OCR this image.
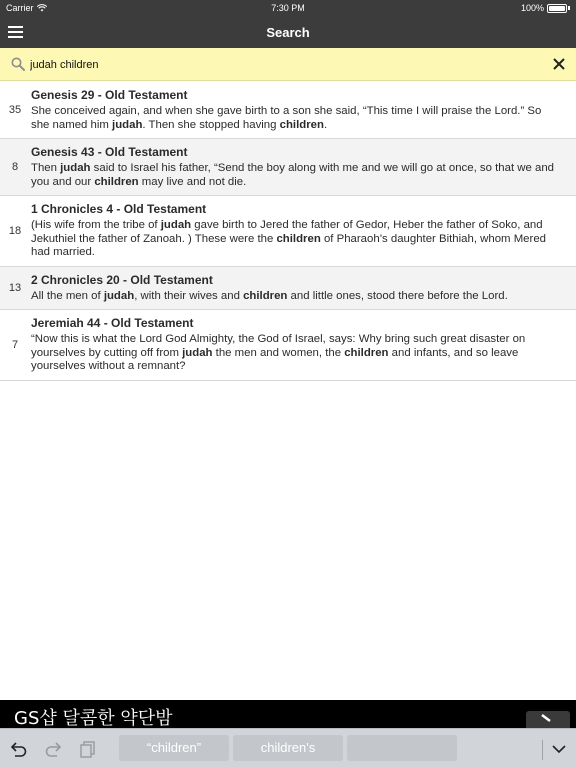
Carrier	7:30 PM	100%
Search
judah children
35
Genesis 29 - Old Testament
She conceived again, and when she gave birth to a son she said, “This time I will praise the Lord.” So she named him judah. Then she stopped having children.
8
Genesis 43 - Old Testament
Then judah said to Israel his father, “Send the boy along with me and we will go at once, so that we and you and our children may live and not die.
18
1 Chronicles 4 - Old Testament
(His wife from the tribe of judah gave birth to Jered the father of Gedor, Heber the father of Soko, and Jekuthiel the father of Zanoah. ) These were the children of Pharaoh’s daughter Bithiah, whom Mered had married.
13
2 Chronicles 20 - Old Testament
All the men of judah, with their wives and children and little ones, stood there before the Lord.
7
Jeremiah 44 - Old Testament
“Now this is what the Lord God Almighty, the God of Israel, says: Why bring such great disaster on yourselves by cutting off from judah the men and women, the children and infants, and so leave yourselves without a remnant?
GS샵 달콤한 약단밤
“children”	children's
